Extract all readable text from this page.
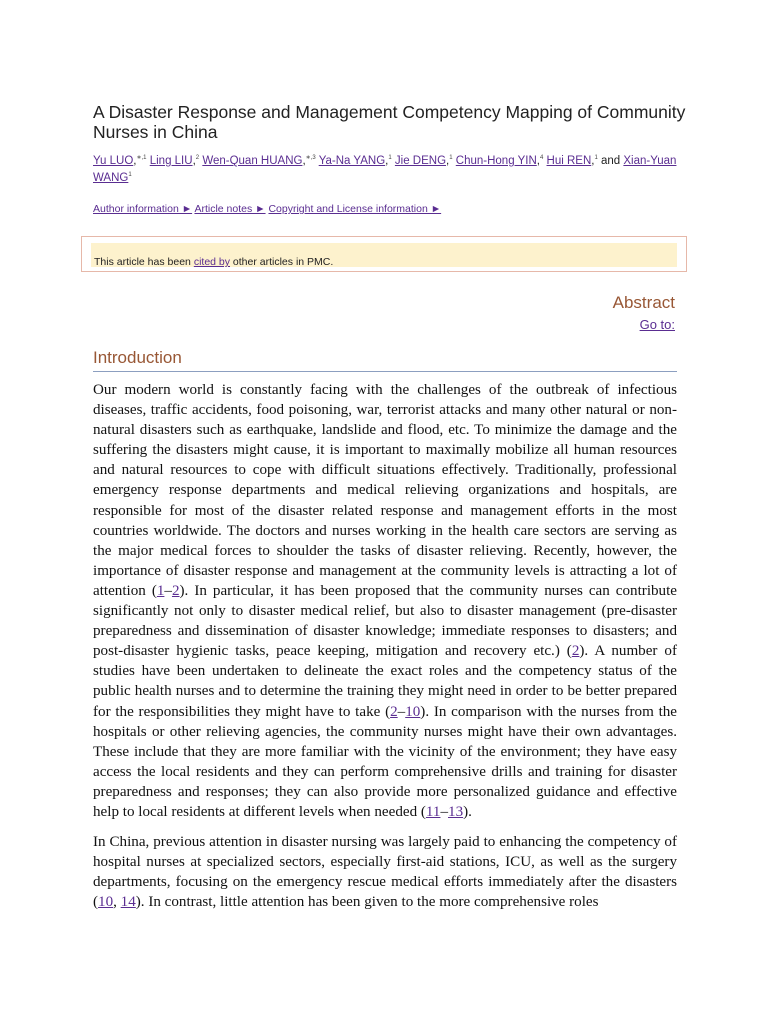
A Disaster Response and Management Competency Mapping of Community Nurses in China
Yu LUO,$^{∗,1}$ Ling LIU,$^2$ Wen-Quan HUANG,$^{∗,3}$ Ya-Na YANG,$^1$ Jie DENG,$^1$ Chun-Hong YIN,$^4$ Hui REN,$^1$ and Xian-Yuan WANG$^1$
Author information ► Article notes ► Copyright and License information ►
This article has been cited by other articles in PMC.
Abstract
Go to:
Introduction

Our modern world is constantly facing with the challenges of the outbreak of infectious diseases, traffic accidents, food poisoning, war, terrorist attacks and many other natural or non-natural disasters such as earthquake, landslide and flood, etc. To minimize the damage and the suffering the disasters might cause, it is important to maximally mobilize all human resources and natural resources to cope with difficult situations effectively. Traditionally, professional emergency response departments and medical relieving organizations and hospitals, are responsible for most of the disaster related response and management efforts in the most countries worldwide. The doctors and nurses working in the health care sectors are serving as the major medical forces to shoulder the tasks of disaster relieving. Recently, however, the importance of disaster response and management at the community levels is attracting a lot of attention (1–2). In particular, it has been proposed that the community nurses can contribute significantly not only to disaster medical relief, but also to disaster management (pre-disaster preparedness and dissemination of disaster knowledge; immediate responses to disasters; and post-disaster hygienic tasks, peace keeping, mitigation and recovery etc.) (2). A number of studies have been undertaken to delineate the exact roles and the competency status of the public health nurses and to determine the training they might need in order to be better prepared for the responsibilities they might have to take (2–10). In comparison with the nurses from the hospitals or other relieving agencies, the community nurses might have their own advantages. These include that they are more familiar with the vicinity of the environment; they have easy access the local residents and they can perform comprehensive drills and training for disaster preparedness and responses; they can also provide more personalized guidance and effective help to local residents at different levels when needed (11–13).

In China, previous attention in disaster nursing was largely paid to enhancing the competency of hospital nurses at specialized sectors, especially first-aid stations, ICU, as well as the surgery departments, focusing on the emergency rescue medical efforts immediately after the disasters (10, 14). In contrast, little attention has been given to the more comprehensive roles
